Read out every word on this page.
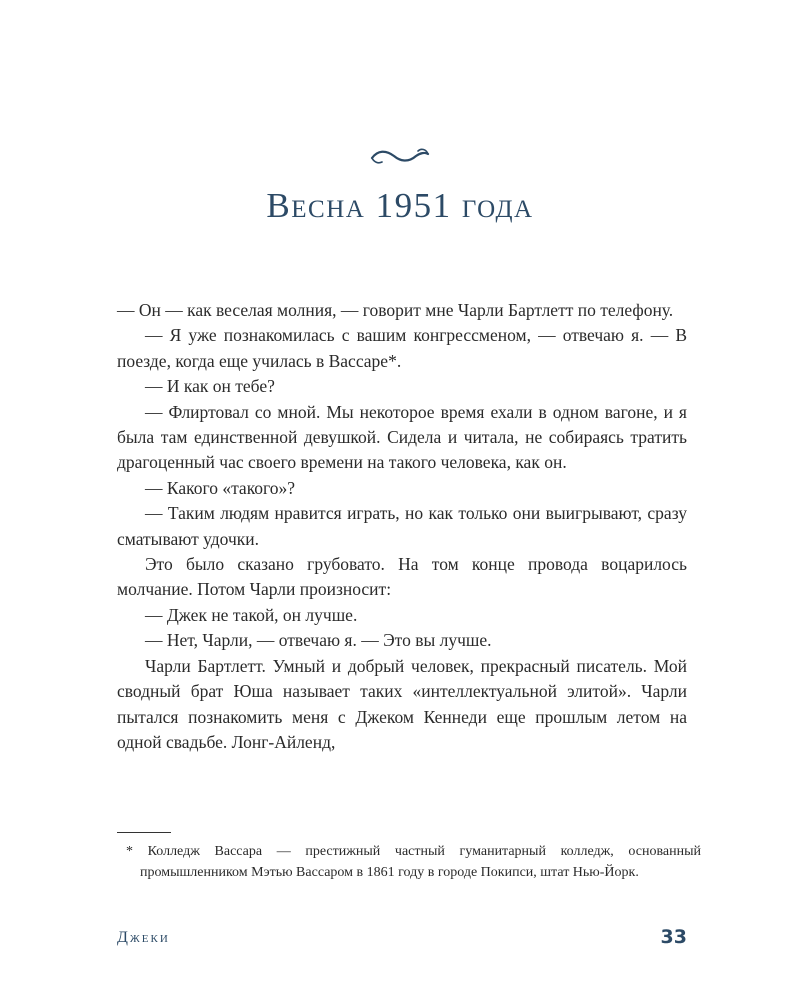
Весна 1951 года

— Он — как веселая молния, — говорит мне Чарли Бартлетт по телефону.

— Я уже познакомилась с вашим конгрессменом, — отвечаю я. — В поезде, когда еще училась в Вассаре*.

— И как он тебе?

— Флиртовал со мной. Мы некоторое время ехали в одном вагоне, и я была там единственной девушкой. Сидела и читала, не собираясь тратить драгоценный час своего времени на такого человека, как он.

— Какого «такого»?

— Таким людям нравится играть, но как только они выигрывают, сразу сматывают удочки.

Это было сказано грубовато. На том конце провода воцарилось молчание. Потом Чарли произносит:

— Джек не такой, он лучше.

— Нет, Чарли, — отвечаю я. — Это вы лучше.

Чарли Бартлетт. Умный и добрый человек, прекрасный писатель. Мой сводный брат Юша называет таких «интеллектуальной элитой». Чарли пытался познакомить меня с Джеком Кеннеди еще прошлым летом на одной свадьбе. Лонг-Айленд,

* Колледж Вассара — престижный частный гуманитарный колледж, основанный промышленником Мэтью Вассаром в 1861 году в городе Покипси, штат Нью-Йорк.
Джеки	33
